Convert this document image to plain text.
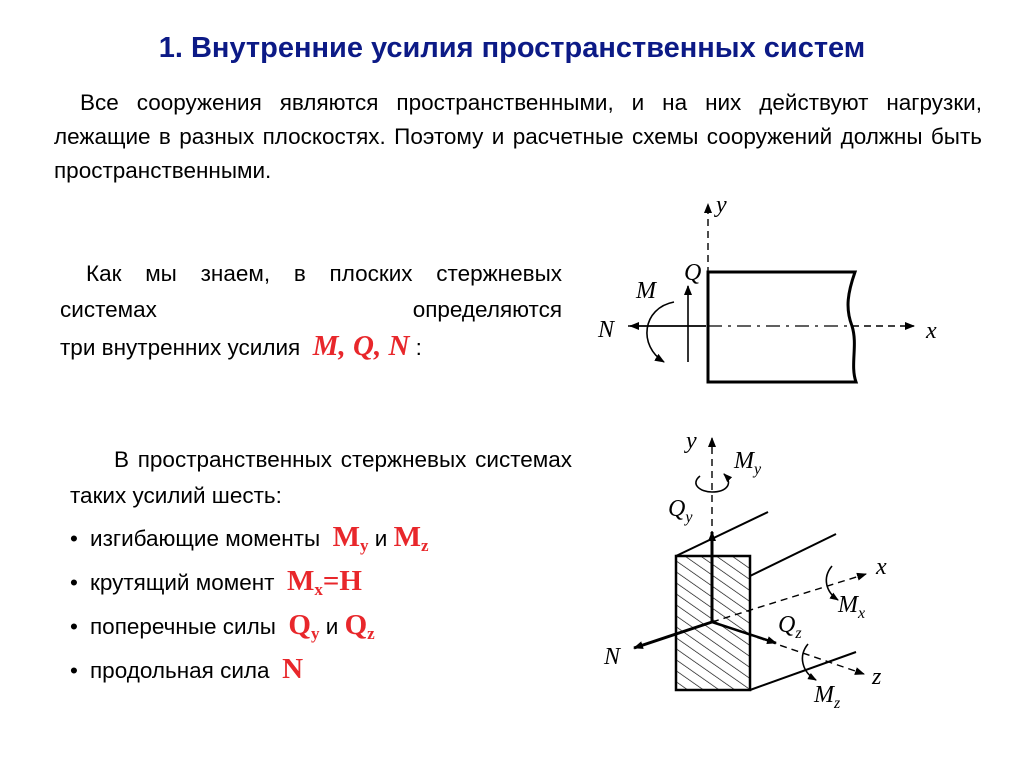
1. Внутренние усилия пространственных систем
Все сооружения являются пространственными, и на них действуют нагрузки, лежащие в разных плоскостях. Поэтому и расчетные схемы сооружений должны быть пространственными.
Как мы знаем, в плоских стержневых системах определяются
три внутренних усилия M, Q, N :
В пространственных стержневых системах таких усилий шесть:
• изгибающие моменты $M_y$ и $M_z$
• крутящий момент $M_x=H$
• поперечные силы $Q_y$ и $Q_z$
• продольная сила N
y
Q
M
N	x
y
$M_y$
$Q_y$
x
$M_x$
$Q_z$
N
z
$M_z$
